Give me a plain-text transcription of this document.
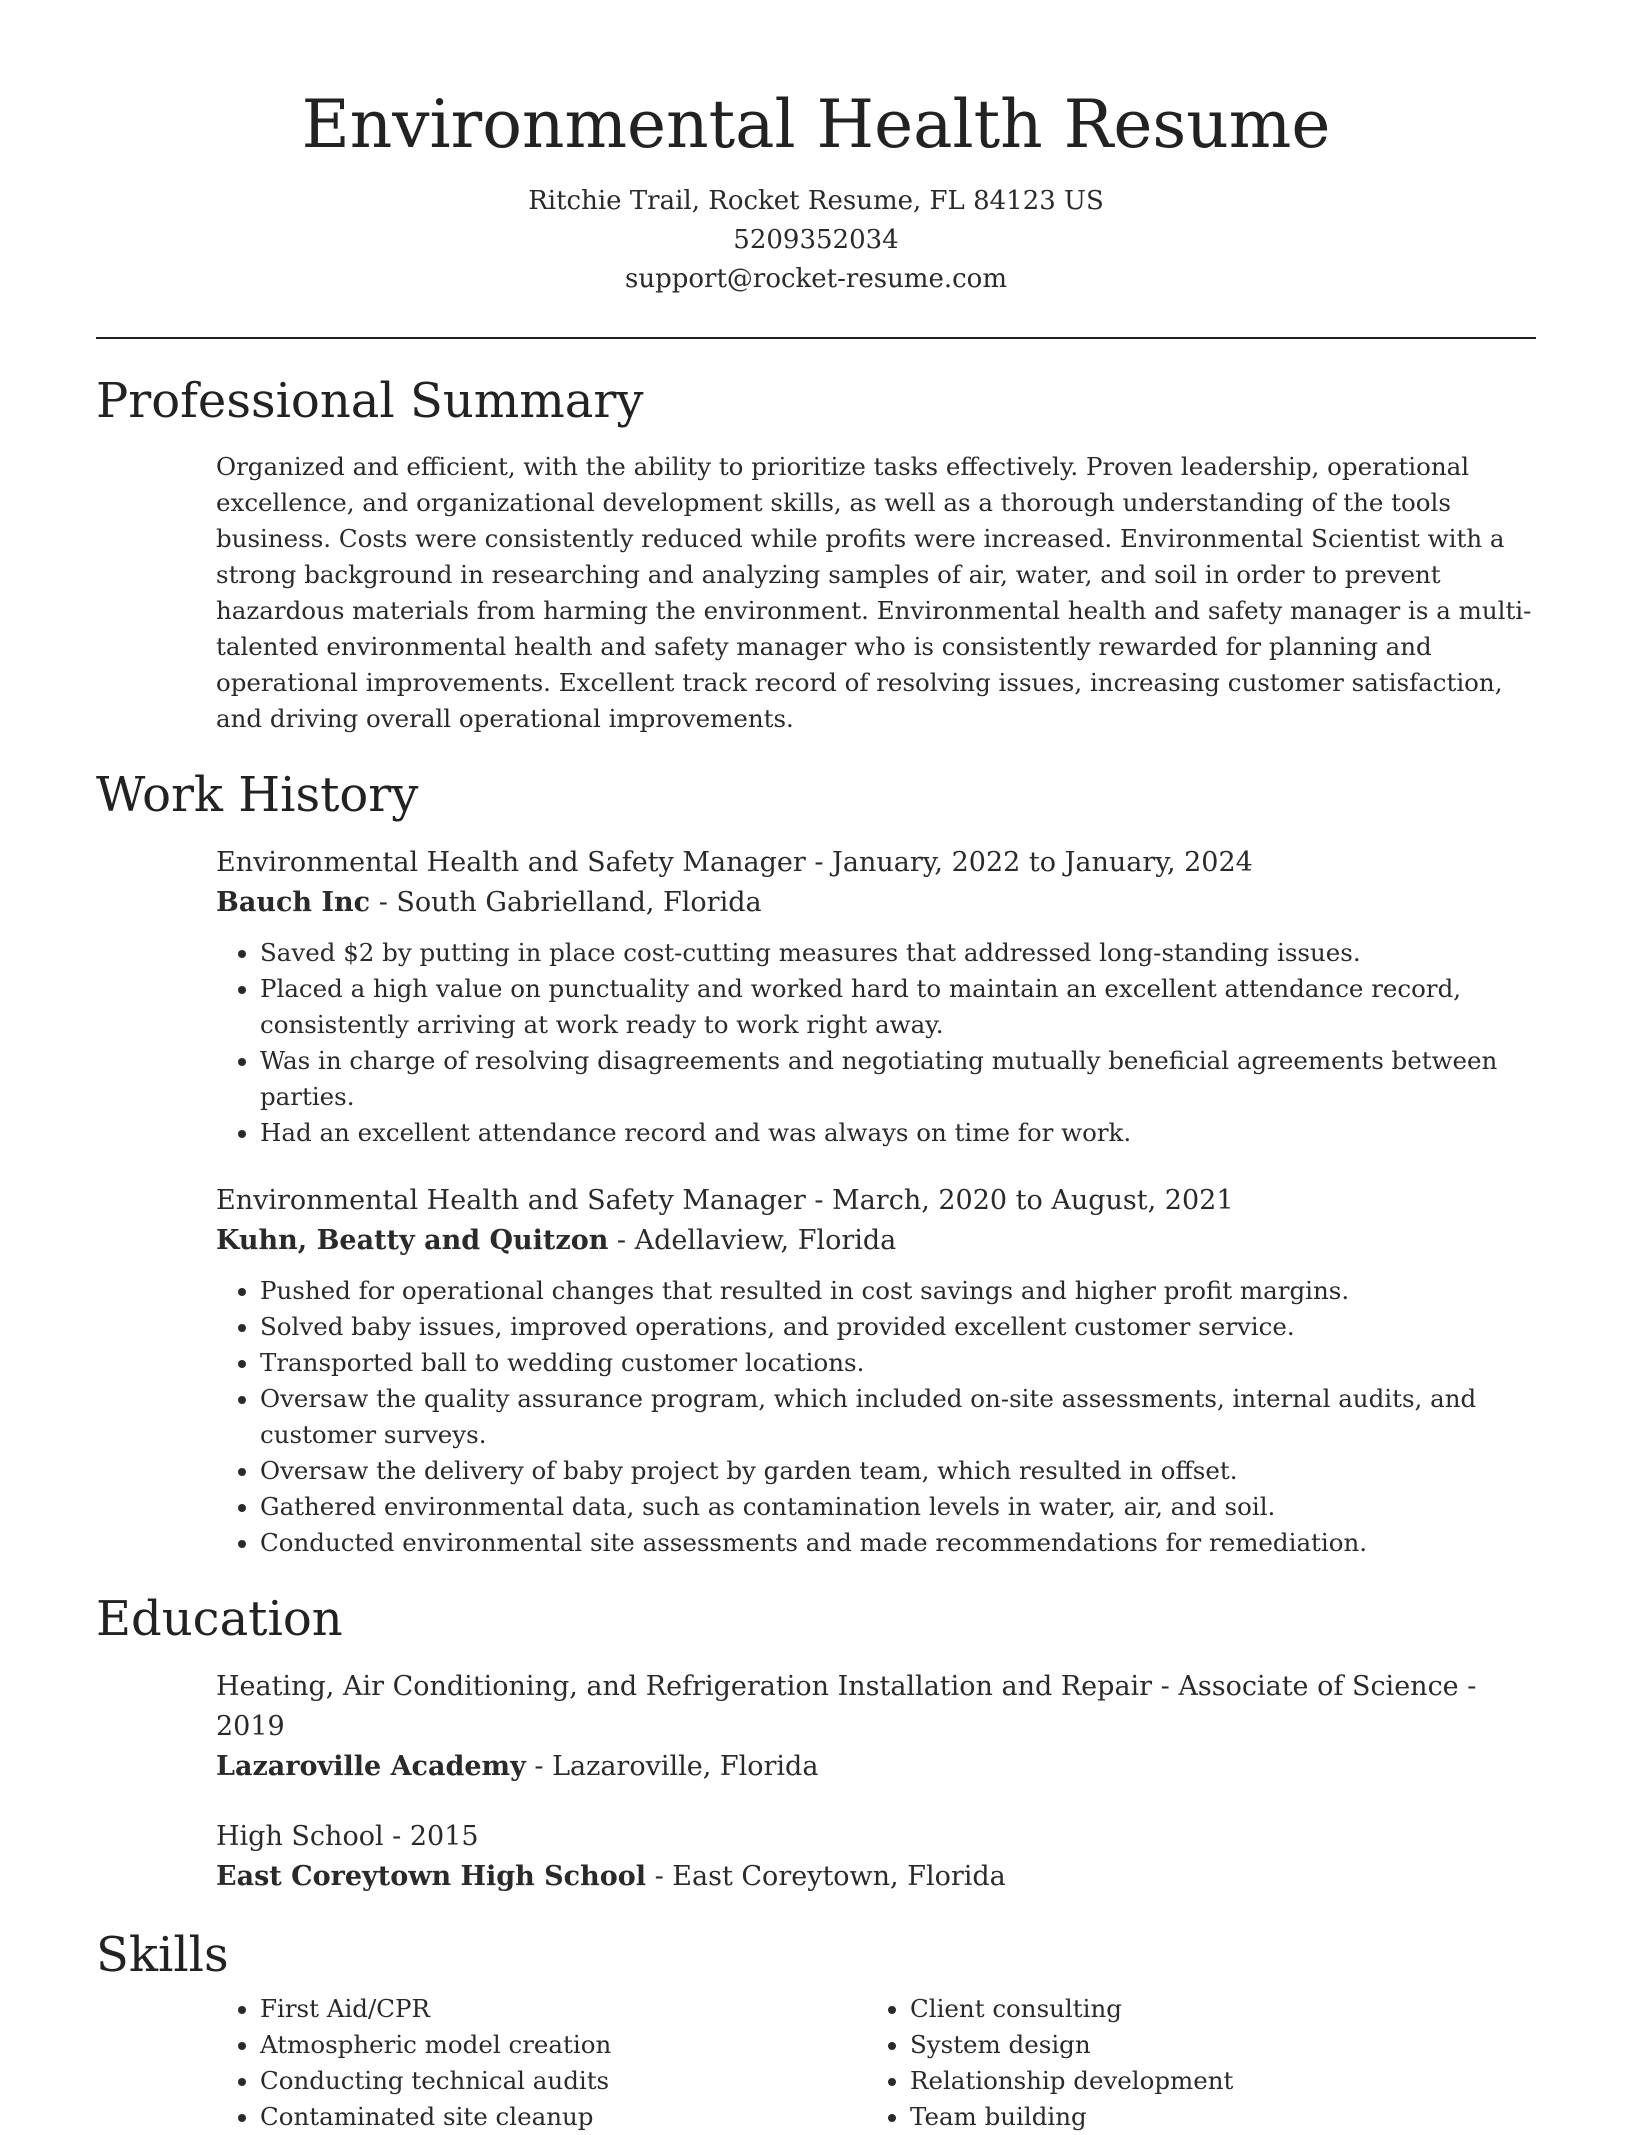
Environmental Health Resume
Ritchie Trail, Rocket Resume, FL 84123 US
5209352034
support@rocket-resume.com
Professional Summary

Organized and efficient, with the ability to prioritize tasks effectively. Proven leadership, operational excellence, and organizational development skills, as well as a thorough understanding of the tools business. Costs were consistently reduced while profits were increased. Environmental Scientist with a strong background in researching and analyzing samples of air, water, and soil in order to prevent hazardous materials from harming the environment. Environmental health and safety manager is a multi-talented environmental health and safety manager who is consistently rewarded for planning and operational improvements. Excellent track record of resolving issues, increasing customer satisfaction, and driving overall operational improvements.

Work History

Environmental Health and Safety Manager - January, 2022 to January, 2024

Bauch Inc - South Gabrielland, Florida

• Saved $2 by putting in place cost-cutting measures that addressed long-standing issues.
• Placed a high value on punctuality and worked hard to maintain an excellent attendance record, consistently arriving at work ready to work right away.
• Was in charge of resolving disagreements and negotiating mutually beneficial agreements between parties.
• Had an excellent attendance record and was always on time for work.

Environmental Health and Safety Manager - March, 2020 to August, 2021

Kuhn, Beatty and Quitzon - Adellaview, Florida

• Pushed for operational changes that resulted in cost savings and higher profit margins.
• Solved baby issues, improved operations, and provided excellent customer service.
• Transported ball to wedding customer locations.
• Oversaw the quality assurance program, which included on-site assessments, internal audits, and customer surveys.
• Oversaw the delivery of baby project by garden team, which resulted in offset.
• Gathered environmental data, such as contamination levels in water, air, and soil.
• Conducted environmental site assessments and made recommendations for remediation.
Education

Heating, Air Conditioning, and Refrigeration Installation and Repair - Associate of Science - 2019

Lazaroville Academy - Lazaroville, Florida

High School - 2015

East Coreytown High School - East Coreytown, Florida

Skills
• First Aid/CPR
• Atmospheric model creation
• Conducting technical audits
• Contaminated site cleanup
• Client consulting
• System design
• Relationship development
• Team building
